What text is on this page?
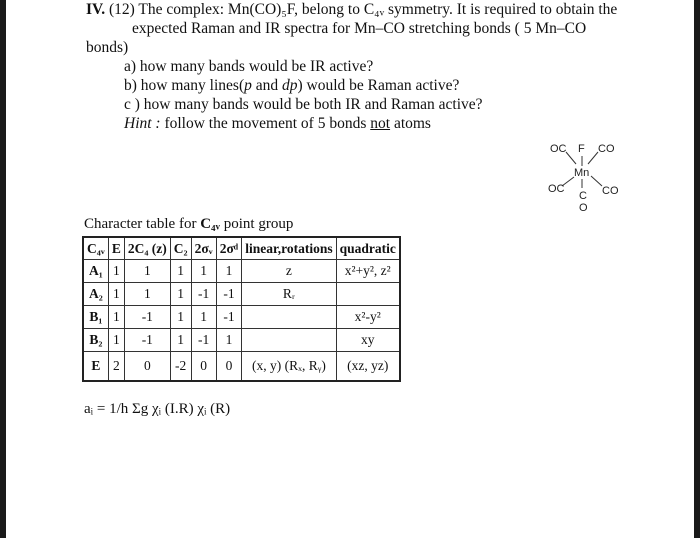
IV. (12) The complex: Mn(CO)₅F, belong to C₄ᵥ symmetry. It is required to obtain the
expected Raman and IR spectra for Mn–CO stretching bonds ( 5 Mn–CO
bonds)
a) how many bands would be IR active?
b) how many lines(p and dp) would be Raman active?
c ) how many bands would be both IR and Raman active?
Hint : follow the movement of 5 bonds not atoms
OC F CO
Mn
OC	CO
C
O
Character table for C₄ᵥ point group
C₄ᵥ	E	2C₄ (z)	C₂	2σᵥ	2σᵈ	linear,rotations	quadratic
A₁	1	1	1	1	1	z	x²+y², z²
A₂	1	1	1	-1	-1	Rᵣ	
B₁	1	-1	1	1	-1		x²-y²
B₂	1	-1	1	-1	1		xy
E	2	0	-2	0	0	(x, y) (Rₓ, Rᵧ)	(xz, yz)
aᵢ = 1/h Σg χᵢ (I.R) χᵢ (R)
